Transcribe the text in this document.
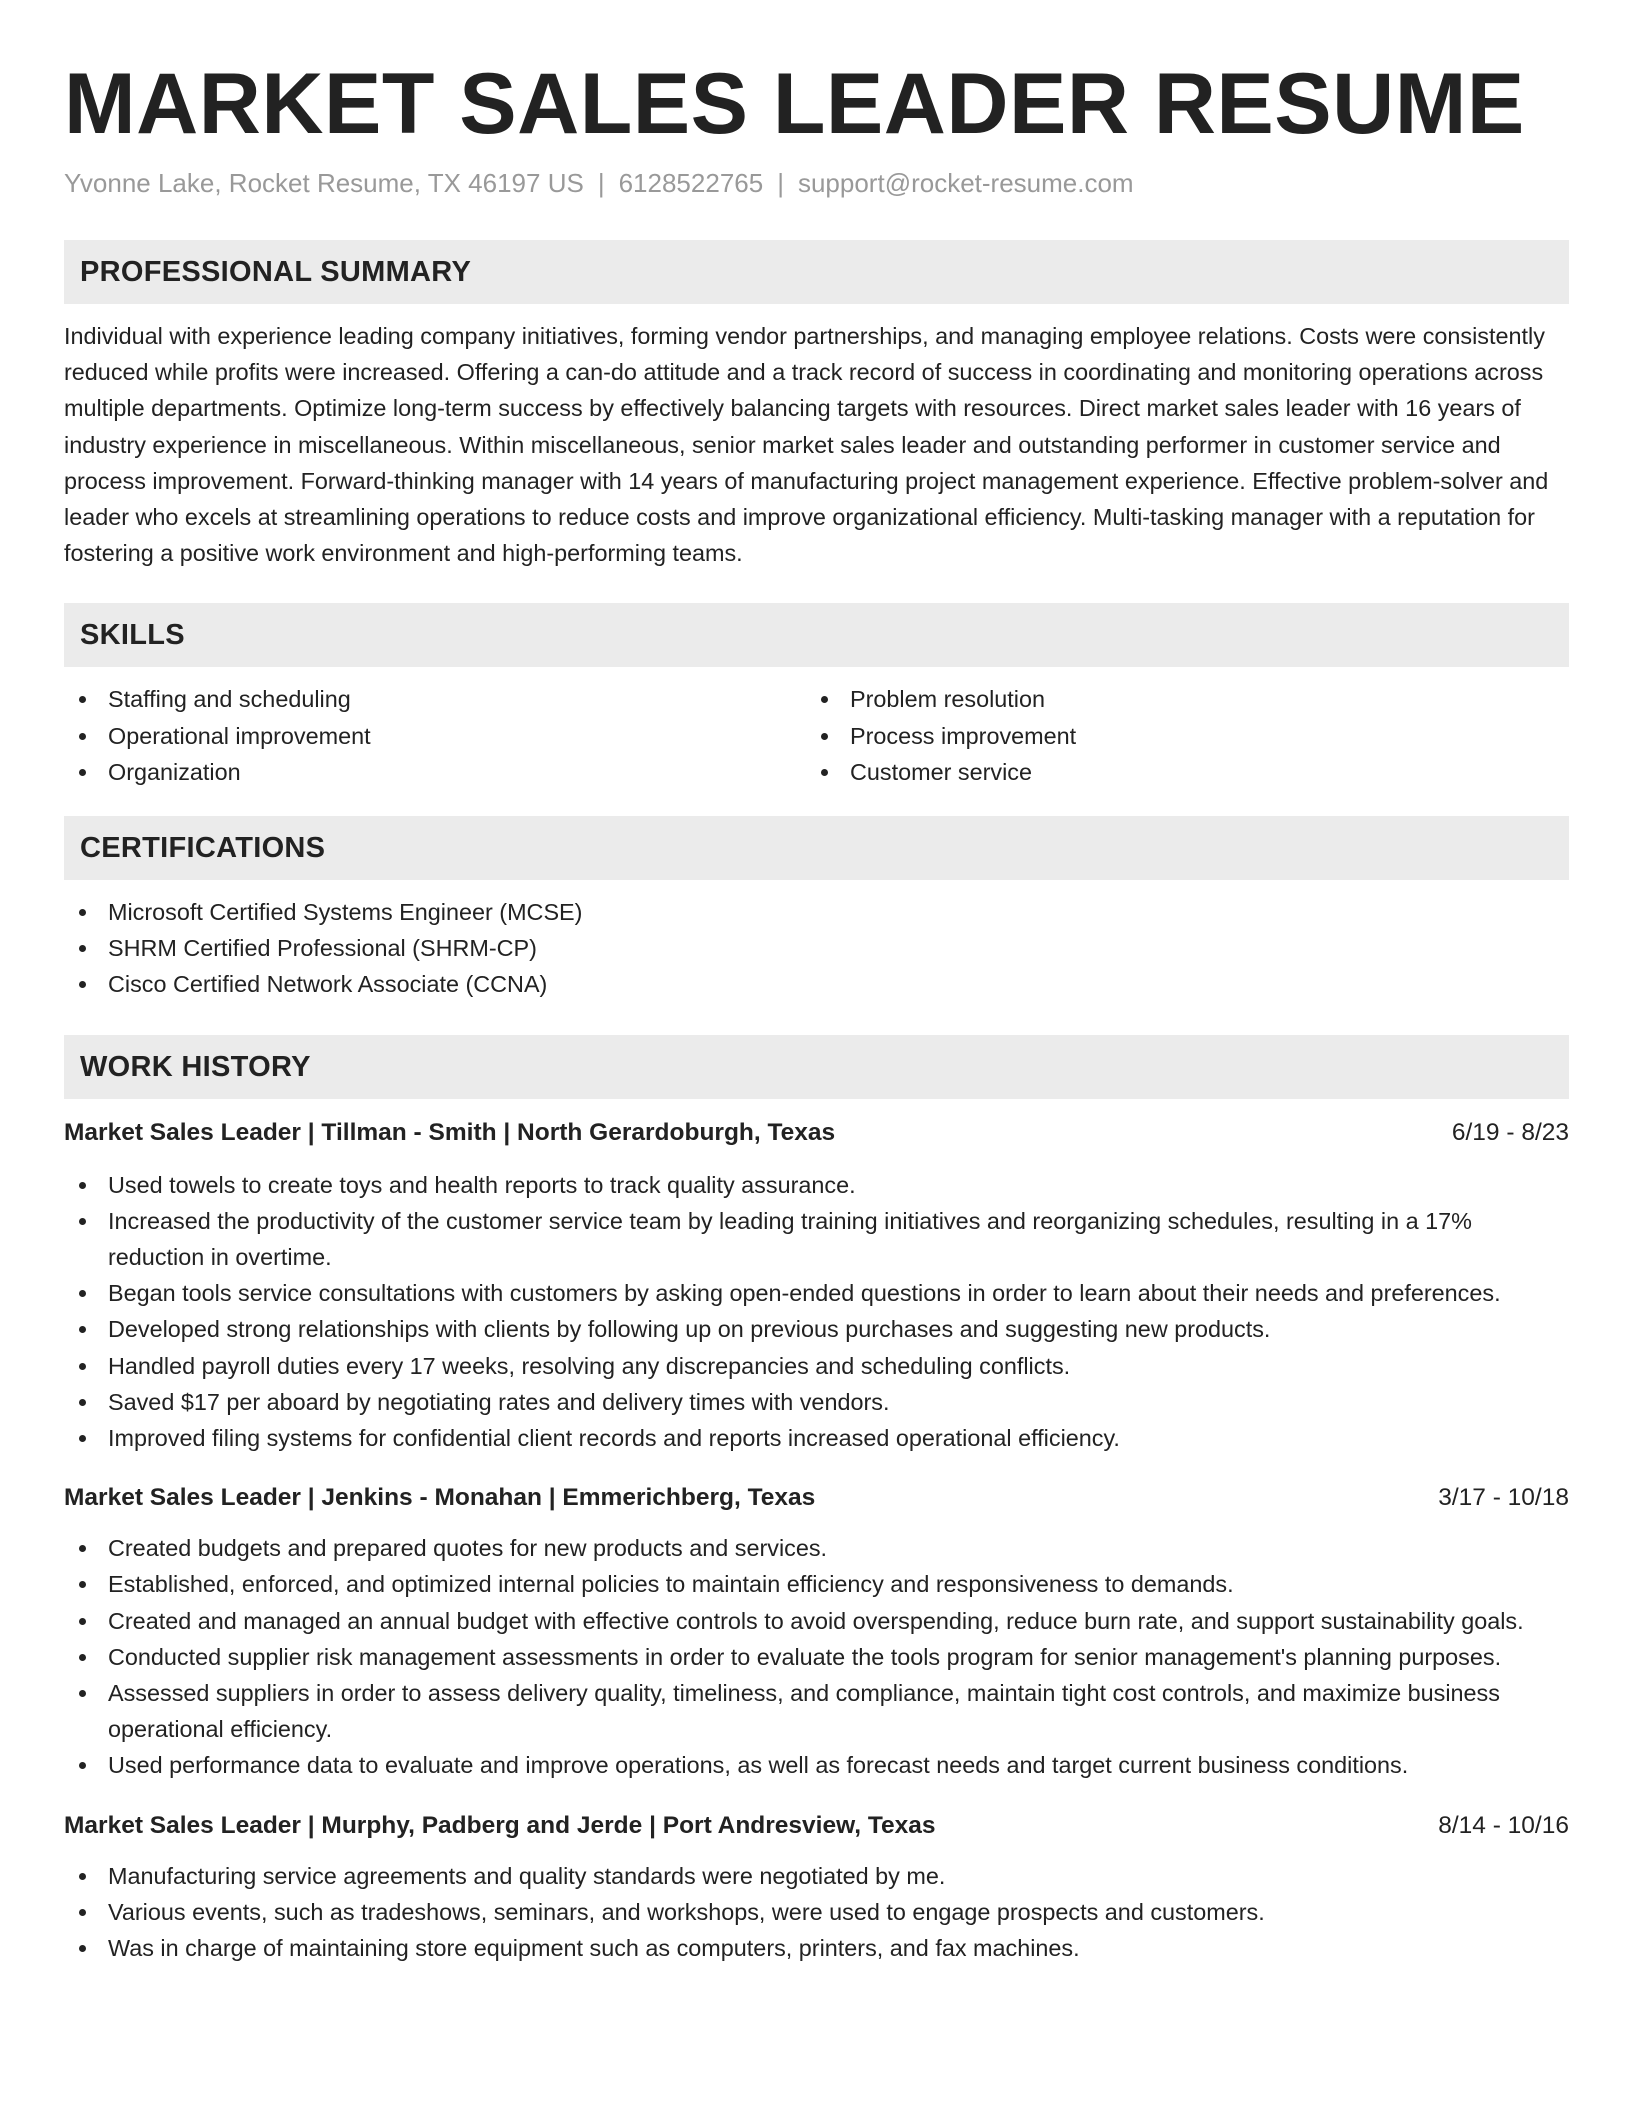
MARKET SALES LEADER RESUME
Yvonne Lake, Rocket Resume, TX 46197 US | 6128522765 | support@rocket-resume.com
PROFESSIONAL SUMMARY

Individual with experience leading company initiatives, forming vendor partnerships, and managing employee relations. Costs were consistently reduced while profits were increased. Offering a can-do attitude and a track record of success in coordinating and monitoring operations across multiple departments. Optimize long-term success by effectively balancing targets with resources. Direct market sales leader with 16 years of industry experience in miscellaneous. Within miscellaneous, senior market sales leader and outstanding performer in customer service and process improvement. Forward-thinking manager with 14 years of manufacturing project management experience. Effective problem-solver and leader who excels at streamlining operations to reduce costs and improve organizational efficiency. Multi-tasking manager with a reputation for fostering a positive work environment and high-performing teams.

SKILLS
Staffing and scheduling
Operational improvement
Organization
Problem resolution
Process improvement
Customer service
CERTIFICATIONS
Microsoft Certified Systems Engineer (MCSE)
SHRM Certified Professional (SHRM-CP)
Cisco Certified Network Associate (CCNA)
WORK HISTORY
Market Sales Leader | Tillman - Smith | North Gerardoburgh, Texas	6/19 - 8/23
Used towels to create toys and health reports to track quality assurance.
Increased the productivity of the customer service team by leading training initiatives and reorganizing schedules, resulting in a 17% reduction in overtime.
Began tools service consultations with customers by asking open-ended questions in order to learn about their needs and preferences.
Developed strong relationships with clients by following up on previous purchases and suggesting new products.
Handled payroll duties every 17 weeks, resolving any discrepancies and scheduling conflicts.
Saved $17 per aboard by negotiating rates and delivery times with vendors.
Improved filing systems for confidential client records and reports increased operational efficiency.
Market Sales Leader | Jenkins - Monahan | Emmerichberg, Texas	3/17 - 10/18
Created budgets and prepared quotes for new products and services.
Established, enforced, and optimized internal policies to maintain efficiency and responsiveness to demands.
Created and managed an annual budget with effective controls to avoid overspending, reduce burn rate, and support sustainability goals.
Conducted supplier risk management assessments in order to evaluate the tools program for senior management's planning purposes.
Assessed suppliers in order to assess delivery quality, timeliness, and compliance, maintain tight cost controls, and maximize business operational efficiency.
Used performance data to evaluate and improve operations, as well as forecast needs and target current business conditions.
Market Sales Leader | Murphy, Padberg and Jerde | Port Andresview, Texas	8/14 - 10/16
Manufacturing service agreements and quality standards were negotiated by me.
Various events, such as tradeshows, seminars, and workshops, were used to engage prospects and customers.
Was in charge of maintaining store equipment such as computers, printers, and fax machines.
